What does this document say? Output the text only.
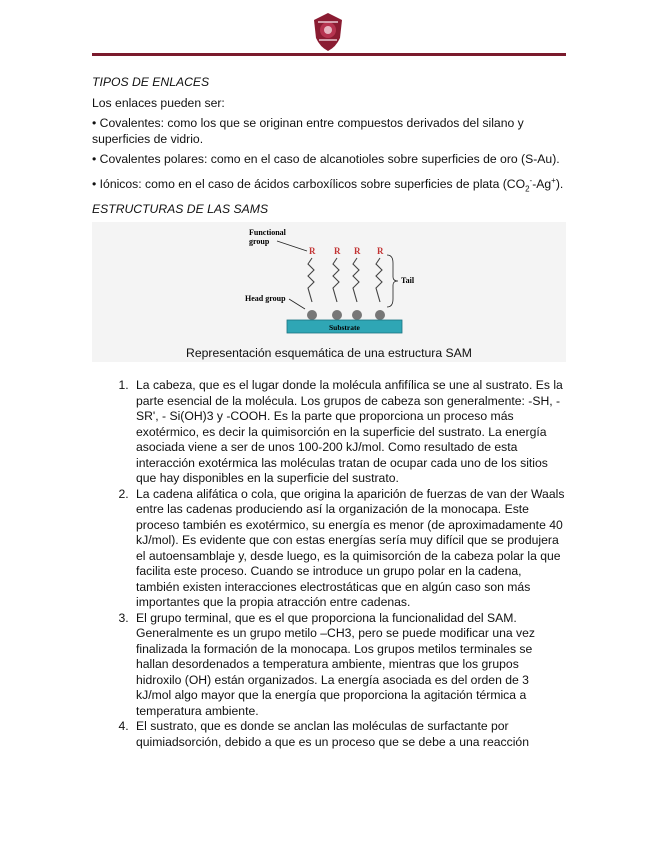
TIPOS DE ENLACES

Los enlaces pueden ser:

• Covalentes: como los que se originan entre compuestos derivados del silano y superficies de vidrio.

• Covalentes polares: como en el caso de alcanotioles sobre superficies de oro (S-Au).

• Iónicos: como en el caso de ácidos carboxílicos sobre superficies de plata $(CO_2^--Ag^+)$.

ESTRUCTURAS DE LAS SAMS

Functional
group
R R R R
Tail
Head group
Substrate
Representación esquemática de una estructura SAM
1. La cabeza, que es el lugar donde la molécula anfifílica se une al sustrato. Es la parte esencial de la molécula. Los grupos de cabeza son generalmente: -SH, -SR', - Si(OH)3 y -COOH. Es la parte que proporciona un proceso más exotérmico, es decir la quimisorción en la superficie del sustrato. La energía asociada viene a ser de unos 100-200 kJ/mol. Como resultado de esta interacción exotérmica las moléculas tratan de ocupar cada uno de los sitios que hay disponibles en la superficie del sustrato.
2. La cadena alifática o cola, que origina la aparición de fuerzas de van der Waals entre las cadenas produciendo así la organización de la monocapa. Este proceso también es exotérmico, su energía es menor (de aproximadamente 40 kJ/mol). Es evidente que con estas energías sería muy difícil que se produjera el autoensamblaje y, desde luego, es la quimisorción de la cabeza polar la que facilita este proceso. Cuando se introduce un grupo polar en la cadena, también existen interacciones electrostáticas que en algún caso son más importantes que la propia atracción entre cadenas.
3. El grupo terminal, que es el que proporciona la funcionalidad del SAM. Generalmente es un grupo metilo –CH3, pero se puede modificar una vez finalizada la formación de la monocapa. Los grupos metilos terminales se hallan desordenados a temperatura ambiente, mientras que los grupos hidroxilo (OH) están organizados. La energía asociada es del orden de 3 kJ/mol algo mayor que la energía que proporciona la agitación térmica a temperatura ambiente.
4. El sustrato, que es donde se anclan las moléculas de surfactante por quimiadsorción, debido a que es un proceso que se debe a una reacción
